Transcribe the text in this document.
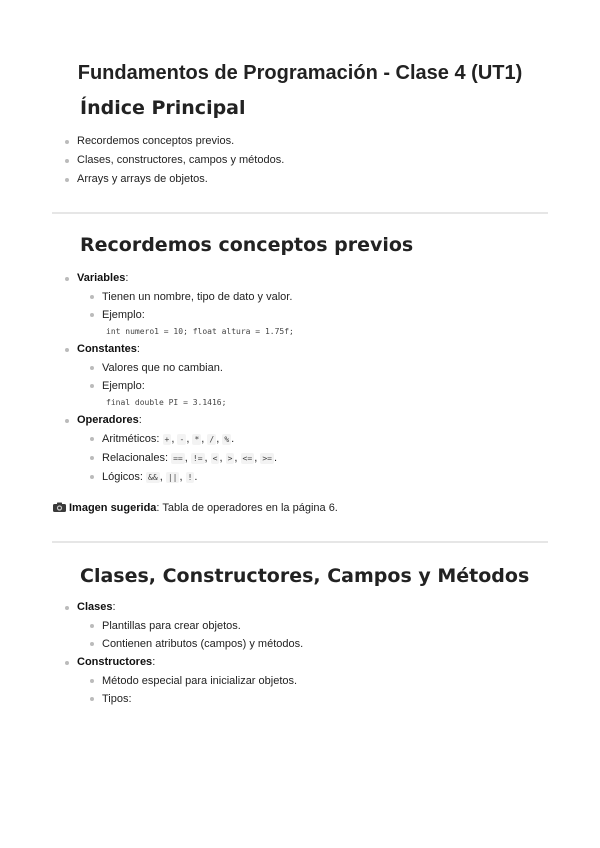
Fundamentos de Programación - Clase 4 (UT1)
Índice Principal
Recordemos conceptos previos.
Clases, constructores, campos y métodos.
Arrays y arrays de objetos.
Recordemos conceptos previos
Variables:
Tienen un nombre, tipo de dato y valor.
Ejemplo:
int numero1 = 10; float altura = 1.75f;
Constantes:
Valores que no cambian.
Ejemplo:
final double PI = 3.1416;
Operadores:
Aritméticos: + , - , * , / , % .
Relacionales: == , != , < , > , <= , >= .
Lógicos: && , || , ! .
Imagen sugerida: Tabla de operadores en la página 6.
Clases, Constructores, Campos y Métodos
Clases:
Plantillas para crear objetos.
Contienen atributos (campos) y métodos.
Constructores:
Método especial para inicializar objetos.
Tipos:
